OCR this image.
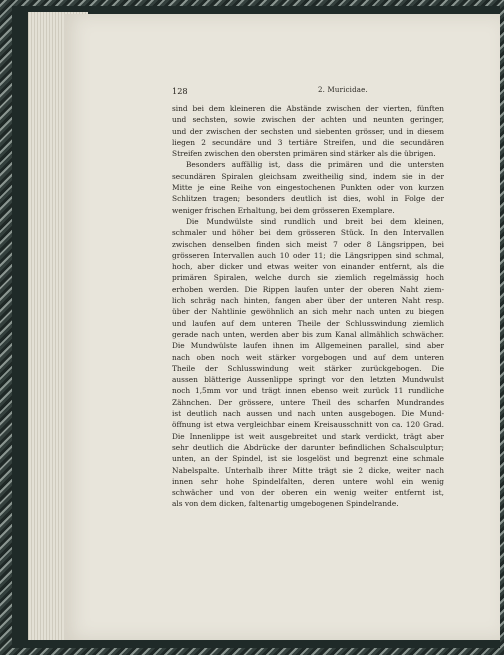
128	2. Muricidae.
sind bei dem kleineren die Abstände zwischen der vierten, fünften
und sechsten, sowie zwischen der achten und neunten geringer,
und der zwischen der sechsten und siebenten grösser, und in diesem
liegen 2 secundäre und 3 tertiäre Streifen, und die secundären
Streifen zwischen den obersten primären sind stärker als die übrigen.
Besonders auffällig ist, dass die primären und die untersten
secundären Spiralen gleichsam zweitheilig sind, indem sie in der
Mitte je eine Reihe von eingestochenen Punkten oder von kurzen
Schlitzen tragen; besonders deutlich ist dies, wohl in Folge der
weniger frischen Erhaltung, bei dem grösseren Exemplare.
Die Mundwülste sind rundlich und breit bei dem kleinen,
schmaler und höher bei dem grösseren Stück. In den Intervallen
zwischen denselben finden sich meist 7 oder 8 Längsrippen, bei
grösseren Intervallen auch 10 oder 11; die Längsrippen sind schmal,
hoch, aber dicker und etwas weiter von einander entfernt, als die
primären Spiralen, welche durch sie ziemlich regelmässig hoch
erhoben werden. Die Rippen laufen unter der oberen Naht ziem-
lich schräg nach hinten, fangen aber über der unteren Naht resp.
über der Nahtlinie gewöhnlich an sich mehr nach unten zu biegen
und laufen auf dem unteren Theile der Schlusswindung ziemlich
gerade nach unten, werden aber bis zum Kanal allmählich schwächer.
Die Mundwülste laufen ihnen im Allgemeinen parallel, sind aber
nach oben noch weit stärker vorgebogen und auf dem unteren
Theile der Schlusswindung weit stärker zurückgebogen. Die
aussen blätterige Aussenlippe springt vor den letzten Mundwulst
noch 1,5mm vor und trägt innen ebenso weit zurück 11 rundliche
Zähnchen. Der grössere, untere Theil des scharfen Mundrandes
ist deutlich nach aussen und nach unten ausgebogen. Die Mund-
öffnung ist etwa vergleichbar einem Kreisausschnitt von ca. 120 Grad.
Die Innenlippe ist weit ausgebreitet und stark verdickt, trägt aber
sehr deutlich die Abdrücke der darunter befindlichen Schalsculptur;
unten, an der Spindel, ist sie losgelöst und begrenzt eine schmale
Nabelspalte. Unterhalb ihrer Mitte trägt sie 2 dicke, weiter nach
innen sehr hohe Spindelfalten, deren untere wohl ein wenig
schwächer und von der oberen ein wenig weiter entfernt ist,
als von dem dicken, faltenartig umgebogenen Spindelrande.
